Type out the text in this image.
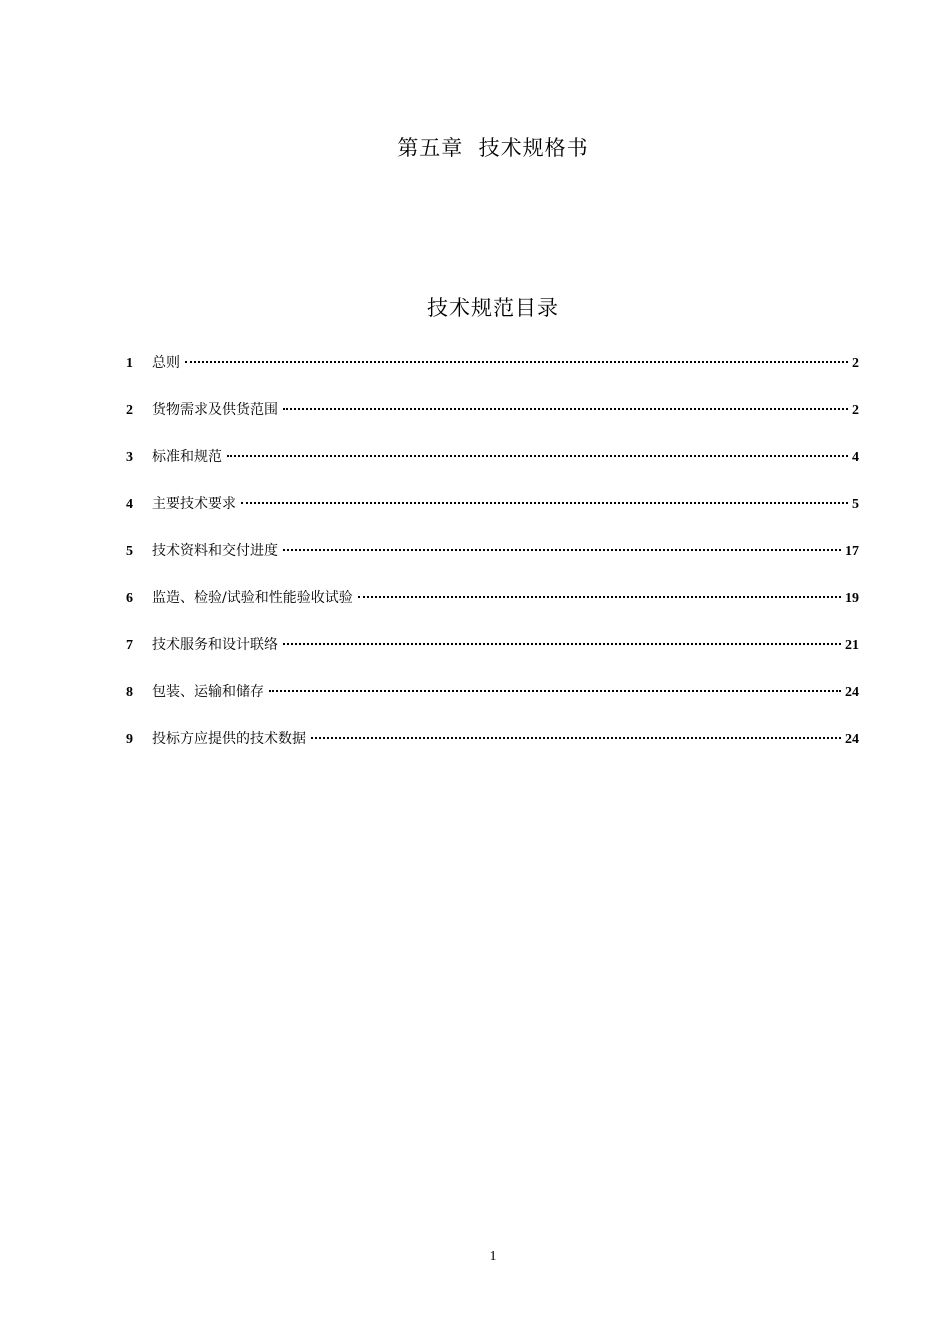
第五章  技术规格书
技术规范目录
1	总则	2
2	货物需求及供货范围	2
3	标准和规范	4
4	主要技术要求	5
5	技术资料和交付进度	17
6	监造、检验/试验和性能验收试验	19
7	技术服务和设计联络	21
8	包装、运输和储存	24
9	投标方应提供的技术数据	24
1
